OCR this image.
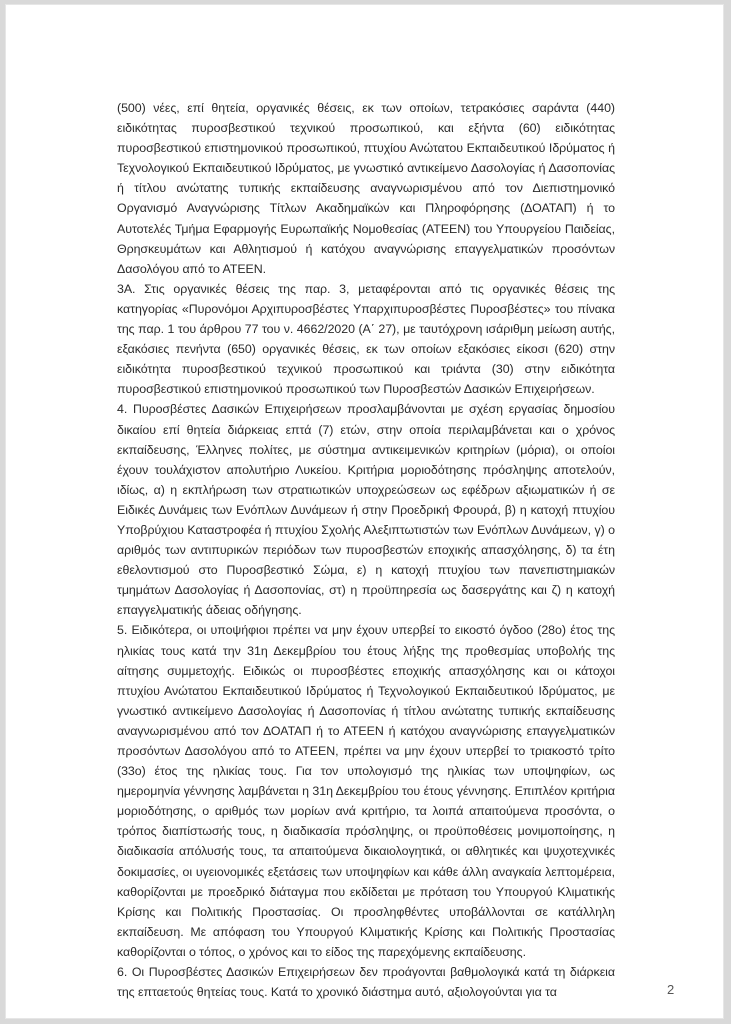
(500) νέες, επί θητεία, οργανικές θέσεις, εκ των οποίων, τετρακόσιες σαράντα (440) ειδικότητας πυροσβεστικού τεχνικού προσωπικού, και εξήντα (60) ειδικότητας πυροσβεστικού επιστημονικού προσωπικού, πτυχίου Ανώτατου Εκπαιδευτικού Ιδρύματος ή Τεχνολογικού Εκπαιδευτικού Ιδρύματος, με γνωστικό αντικείμενο Δασολογίας ή Δασοπονίας ή τίτλου ανώτατης τυπικής εκπαίδευσης αναγνωρισμένου από τον Διεπιστημονικό Οργανισμό Αναγνώρισης Τίτλων Ακαδημαϊκών και Πληροφόρησης (ΔΟΑΤΑΠ) ή το Αυτοτελές Τμήμα Εφαρμογής Ευρωπαϊκής Νομοθεσίας (ΑΤΕΕΝ) του Υπουργείου Παιδείας, Θρησκευμάτων και Αθλητισμού ή κατόχου αναγνώρισης επαγγελματικών προσόντων Δασολόγου από το ΑΤΕΕΝ.

3Α. Στις οργανικές θέσεις της παρ. 3, μεταφέρονται από τις οργανικές θέσεις της κατηγορίας «Πυρονόμοι Αρχιπυροσβέστες Υπαρχιπυροσβέστες Πυροσβέστες» του πίνακα της παρ. 1 του άρθρου 77 του ν. 4662/2020 (Α΄ 27), με ταυτόχρονη ισάριθμη μείωση αυτής, εξακόσιες πενήντα (650) οργανικές θέσεις, εκ των οποίων εξακόσιες είκοσι (620) στην ειδικότητα πυροσβεστικού τεχνικού προσωπικού και τριάντα (30) στην ειδικότητα πυροσβεστικού επιστημονικού προσωπικού των Πυροσβεστών Δασικών Επιχειρήσεων.

4. Πυροσβέστες Δασικών Επιχειρήσεων προσλαμβάνονται με σχέση εργασίας δημοσίου δικαίου επί θητεία διάρκειας επτά (7) ετών, στην οποία περιλαμβάνεται και ο χρόνος εκπαίδευσης, Έλληνες πολίτες, με σύστημα αντικειμενικών κριτηρίων (μόρια), οι οποίοι έχουν τουλάχιστον απολυτήριο Λυκείου. Κριτήρια μοριοδότησης πρόσληψης αποτελούν, ιδίως, α) η εκπλήρωση των στρατιωτικών υποχρεώσεων ως εφέδρων αξιωματικών ή σε Ειδικές Δυνάμεις των Ενόπλων Δυνάμεων ή στην Προεδρική Φρουρά, β) η κατοχή πτυχίου Υποβρύχιου Καταστροφέα ή πτυχίου Σχολής Αλεξιπτωτιστών των Ενόπλων Δυνάμεων, γ) ο αριθμός των αντιπυρικών περιόδων των πυροσβεστών εποχικής απασχόλησης, δ) τα έτη εθελοντισμού στο Πυροσβεστικό Σώμα, ε) η κατοχή πτυχίου των πανεπιστημιακών τμημάτων Δασολογίας ή Δασοπονίας, στ) η προϋπηρεσία ως δασεργάτης και ζ) η κατοχή επαγγελματικής άδειας οδήγησης.

5. Ειδικότερα, οι υποψήφιοι πρέπει να μην έχουν υπερβεί το εικοστό όγδοο (28ο) έτος της ηλικίας τους κατά την 31η Δεκεμβρίου του έτους λήξης της προθεσμίας υποβολής της αίτησης συμμετοχής. Ειδικώς οι πυροσβέστες εποχικής απασχόλησης και οι κάτοχοι πτυχίου Ανώτατου Εκπαιδευτικού Ιδρύματος ή Τεχνολογικού Εκπαιδευτικού Ιδρύματος, με γνωστικό αντικείμενο Δασολογίας ή Δασοπονίας ή τίτλου ανώτατης τυπικής εκπαίδευσης αναγνωρισμένου από τον ΔΟΑΤΑΠ ή το ΑΤΕΕΝ ή κατόχου αναγνώρισης επαγγελματικών προσόντων Δασολόγου από το ΑΤΕΕΝ, πρέπει να μην έχουν υπερβεί το τριακοστό τρίτο (33ο) έτος της ηλικίας τους. Για τον υπολογισμό της ηλικίας των υποψηφίων, ως ημερομηνία γέννησης λαμβάνεται η 31η Δεκεμβρίου του έτους γέννησης. Επιπλέον κριτήρια μοριοδότησης, ο αριθμός των μορίων ανά κριτήριο, τα λοιπά απαιτούμενα προσόντα, ο τρόπος διαπίστωσής τους, η διαδικασία πρόσληψης, οι προϋποθέσεις μονιμοποίησης, η διαδικασία απόλυσής τους, τα απαιτούμενα δικαιολογητικά, οι αθλητικές και ψυχοτεχνικές δοκιμασίες, οι υγειονομικές εξετάσεις των υποψηφίων και κάθε άλλη αναγκαία λεπτομέρεια, καθορίζονται με προεδρικό διάταγμα που εκδίδεται με πρόταση του Υπουργού Κλιματικής Κρίσης και Πολιτικής Προστασίας. Οι προσληφθέντες υποβάλλονται σε κατάλληλη εκπαίδευση. Με απόφαση του Υπουργού Κλιματικής Κρίσης και Πολιτικής Προστασίας καθορίζονται ο τόπος, ο χρόνος και το είδος της παρεχόμενης εκπαίδευσης.

6. Οι Πυροσβέστες Δασικών Επιχειρήσεων δεν προάγονται βαθμολογικά κατά τη διάρκεια της επταετούς θητείας τους. Κατά το χρονικό διάστημα αυτό, αξιολογούνται για τα	2
